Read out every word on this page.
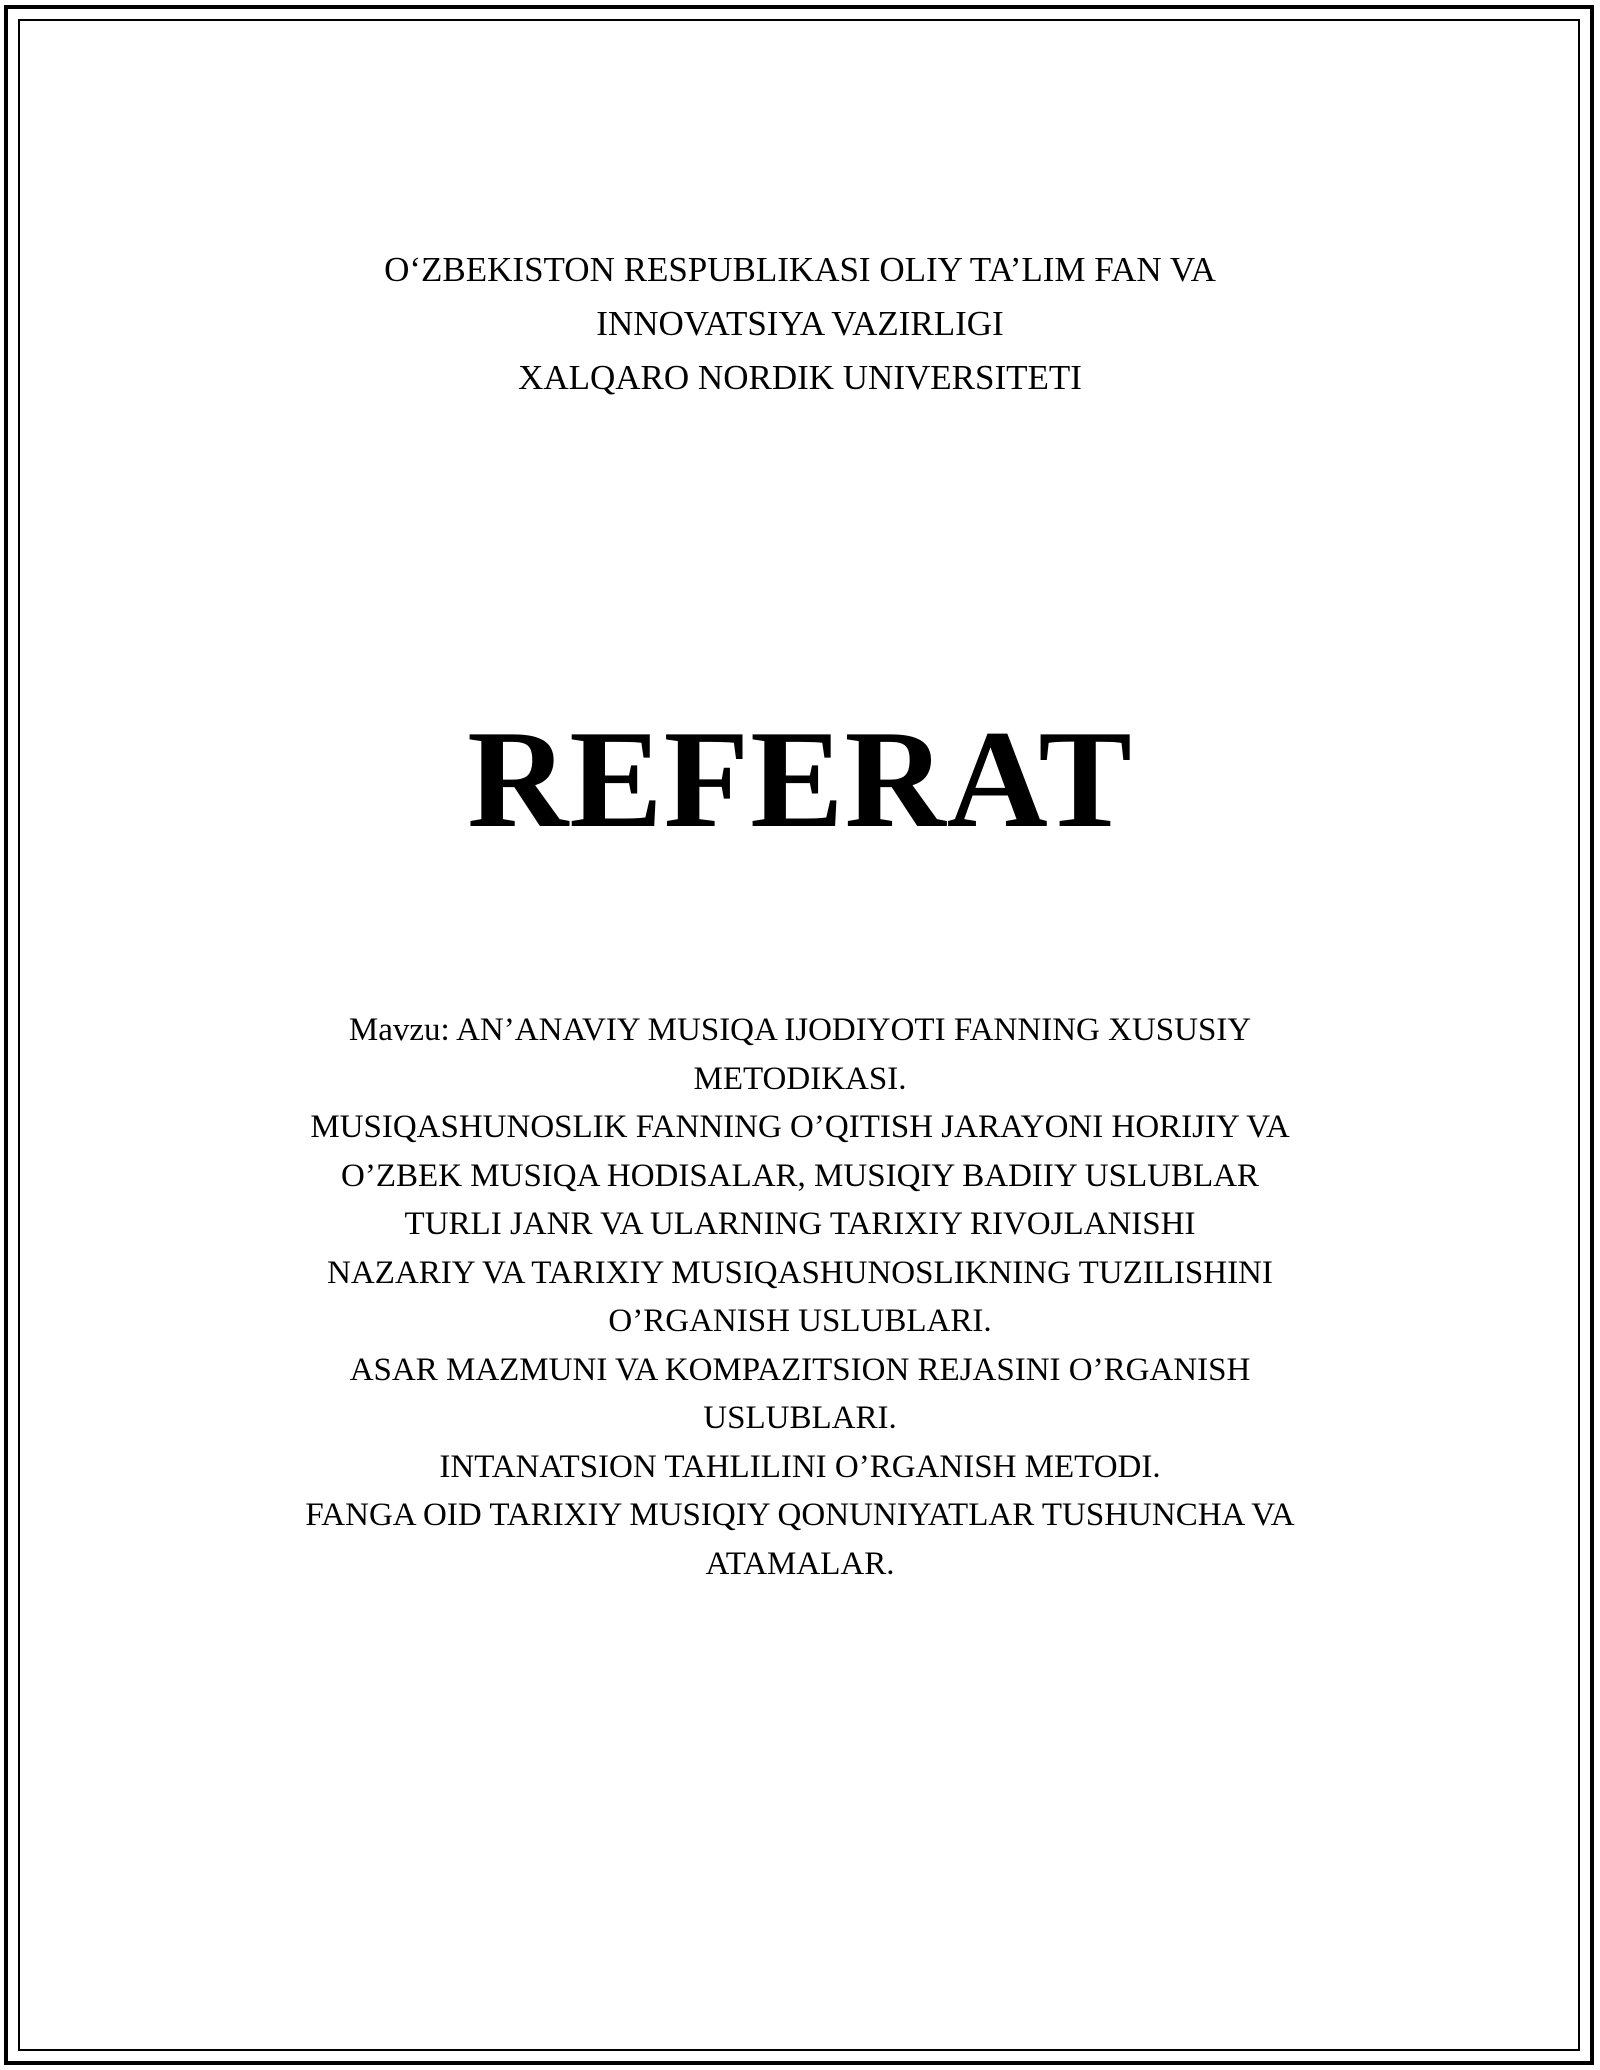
O‘ZBEKISTON RESPUBLIKASI OLIY TA’LIM FAN VA
INNOVATSIYA VAZIRLIGI
XALQARO NORDIK UNIVERSITETI
REFERAT
Mavzu: AN’ANAVIY MUSIQA IJODIYOTI FANNING XUSUSIY
METODIKASI.
MUSIQASHUNOSLIK FANNING O’QITISH JARAYONI HORIJIY VA
O’ZBEK MUSIQA HODISALAR, MUSIQIY BADIIY USLUBLAR
TURLI JANR VA ULARNING TARIXIY RIVOJLANISHI
NAZARIY VA TARIXIY MUSIQASHUNOSLIKNING TUZILISHINI
O’RGANISH USLUBLARI.
ASAR MAZMUNI VA KOMPAZITSION REJASINI O’RGANISH
USLUBLARI.
INTANATSION TAHLILINI O’RGANISH METODI.
FANGA OID TARIXIY MUSIQIY QONUNIYATLAR TUSHUNCHA VA
ATAMALAR.
